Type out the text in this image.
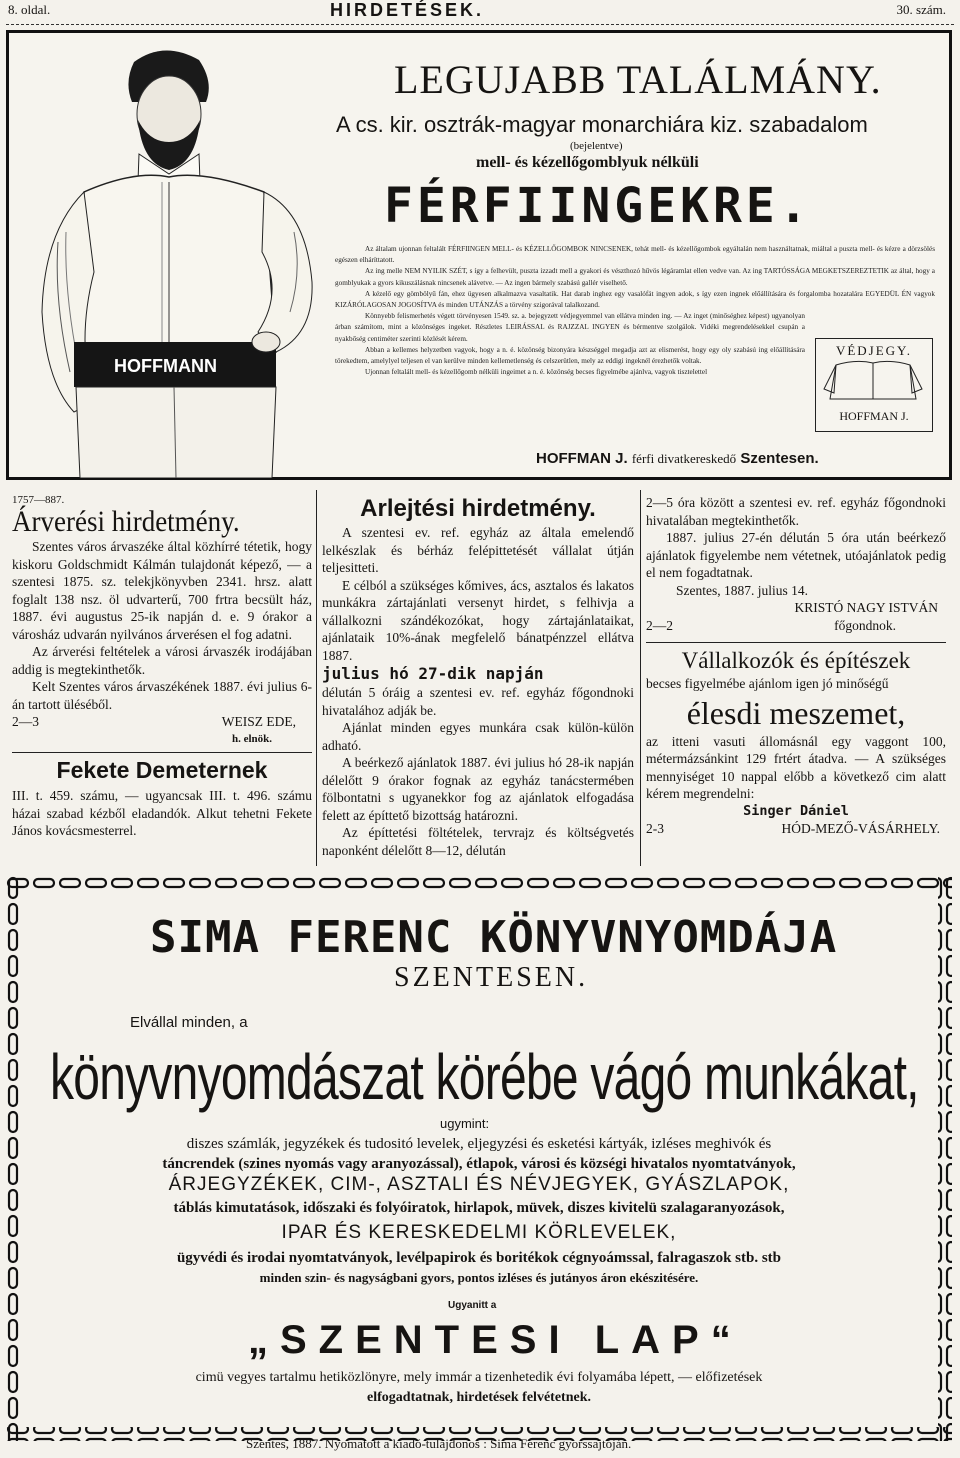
8. oldal.	HIRDETÉSEK.	30. szám.
HOFFMANN
LEGUJABB TALÁLMÁNY.
A cs. kir. osztrák-magyar monarchiára kiz. szabadalom
(bejelentve)
mell- és kézellőgomblyuk nélküli
FÉRFIINGEKRE.

Az általam ujonnan feltalált FÉRFIINGEN MELL- és KÉZELLŐGOMBOK NINCSENEK, tehát mell- és kézellőgombok egyáltalán nem használtatnak, miáltal a puszta mell- és kézre a dörzsölés egészen elháríttatott.

Az ing melle NEM NYILIK SZÉT, s így a felhevült, puszta izzadt mell a gyakori és vészthozó hűvös légáramlat ellen vedve van. Az ing TARTÓSSÁGA MEGKETSZEREZTETIK az által, hogy a gomblyukak a gyors kikuszálásnak nincsenek alávetve. — Az ingen bármely szabású gallér viselhető.

A kézelő egy gömbölyű fán, ehez ügyesen alkalmazva vasaltatik. Hat darab inghez egy vasalófát ingyen adok, s így ezen ingnek előállítására és forgalomba hozatalára EGYEDÜL ÉN vagyok KIZÁRÓLAGOSAN JOGOSÍTVA és minden UTÁNZÁS a törvény szigorával talalkozand.

Könnyebb felismerhetés végett törvényesen 1549. sz. a. bejegyzett védjegyemmel van ellátva minden ing. — Az inget (minőséghez képest) ugyanolyan árban számítom, mint a közönséges ingeket. Részletes LEIRÁSSAL és RAJZZAL INGYEN és bérmentve szolgálok. Vidéki megrendelésekkel csupán a nyakbőség centiméter szerinti közlését kérem.

Abban a kellemes helyzetben vagyok, hogy a n. é. közönség bizonyára készséggel megadja azt az elismerést, hogy egy oly szabású ing előállítására törekedtem, amelylyel teljesen el van kerülve minden kellemetlenség és celszerütlen, mely az eddigi ingeknél érezhetők voltak.

Ujonnan feltalált mell- és kézellőgomb nélküli ingeimet a n. é. közönség becses figyelmébe ajánlva, vagyok tisztelettel

VÉDJEGY.
HOFFMAN J.
HOFFMAN J. férfi divatkereskedő Szentesen.

1757—887.

Árverési hirdetmény.

Szentes város árvaszéke által közhírré tétetik, hogy kiskoru Goldschmidt Kálmán tulajdonát képező, — a szentesi 1875. sz. telekjkönyvben 2341. hrsz. alatt foglalt 138 nsz. öl udvarterű, 700 frtra becsült ház, 1887. évi augustus 25-ik napján d. e. 9 órakor a városház udvarán nyilvános árverésen el fog adatni.

Az árverési feltételek a városi árvaszék irodájában addig is megtekinthetők.

Kelt Szentes város árvaszékének 1887. évi julius 6-án tartott üléséből.

2—3	WEISZ EDE,

h. elnök.

Fekete Demeternek

III. t. 459. számu, — ugyancsak III. t. 496. számu házai szabad kézből eladandók. Alkut tehetni Fekete János kovácsmesterrel.

Arlejtési hirdetmény.

A szentesi ev. ref. egyház az általa emelendő lelkészlak és bérház felépittetését vállalat útján teljesitteti.

E célból a szükséges kőmives, ács, asztalos és lakatos munkákra zártajánlati versenyt hirdet, s felhivja a vállalkozni szándékozókat, hogy zártajánlataikat, ajánlataik 10%-ának megfelelő bánatpénzzel ellátva 1887.

julius hó 27-dik napján

délután 5 óráig a szentesi ev. ref. egyház főgondnoki hivatalához adják be.

Ajánlat minden egyes munkára csak külön-külön adható.

A beérkező ajánlatok 1887. évi julius hó 28-ik napján délelőtt 9 órakor fognak az egyház tanácstermében fölbontatni s ugyanekkor fog az ajánlatok elfogadása felett az építtető bizottság határozni.

Az építtetési föltételek, tervrajz és költségvetés naponként délelőtt 8—12, délután

2—5 óra között a szentesi ev. ref. egyház főgondnoki hivatalában megtekinthetők.

1887. julius 27-én délután 5 óra után beérkező ajánlatok figyelembe nem vétetnek, utóajánlatok pedig el nem fogadtatnak.

Szentes, 1887. julius 14.

KRISTÓ NAGY ISTVÁN

2—2	főgondnok.

Vállalkozók és építészek

becses figyelmébe ajánlom igen jó minőségű

élesdi meszemet,

az itteni vasuti állomásnál egy vaggont 100, métermázsánkint 129 frtért átadva. — A szükséges mennyiséget 10 nappal előbb a következő cim alatt kérem megrendelni:

Singer Dániel

2-3	HÓD-MEZŐ-VÁSÁRHELY.

SIMA FERENC KÖNYVNYOMDÁJA
SZENTESEN.
Elvállal minden, a
könyvnyomdászat körébe vágó munkákat,
ugymint:
diszes számlák, jegyzékek és tudositó levelek, eljegyzési és esketési kártyák, izléses meghivók és
táncrendek (szines nyomás vagy aranyozással), étlapok, városi és községi hivatalos nyomtatványok,
ÁRJEGYZÉKEK, CIM-, ASZTALI ÉS NÉVJEGYEK, GYÁSZLAPOK,
táblás kimutatások, időszaki és folyóiratok, hirlapok, müvek, diszes kivitelü szalagaranyozások,
IPAR ÉS KERESKEDELMI KÖRLEVELEK,
ügyvédi és irodai nyomtatványok, levélpapirok és boritékok cégnyoámssal, falragaszok stb. stb
minden szin- és nagyságbani gyors, pontos izléses és jutányos áron ekészitésére.
Ugyanitt a
„SZENTESI LAP“
cimü vegyes tartalmu hetiközlönyre, mely immár a tizenhetedik évi folyamába lépett, — előfizetések
elfogadtatnak, hirdetések felvétetnek.
Szentes, 1887. Nyomatott a kiadó-tulajdonos : Sima Ferenc gyorssajtóján.
